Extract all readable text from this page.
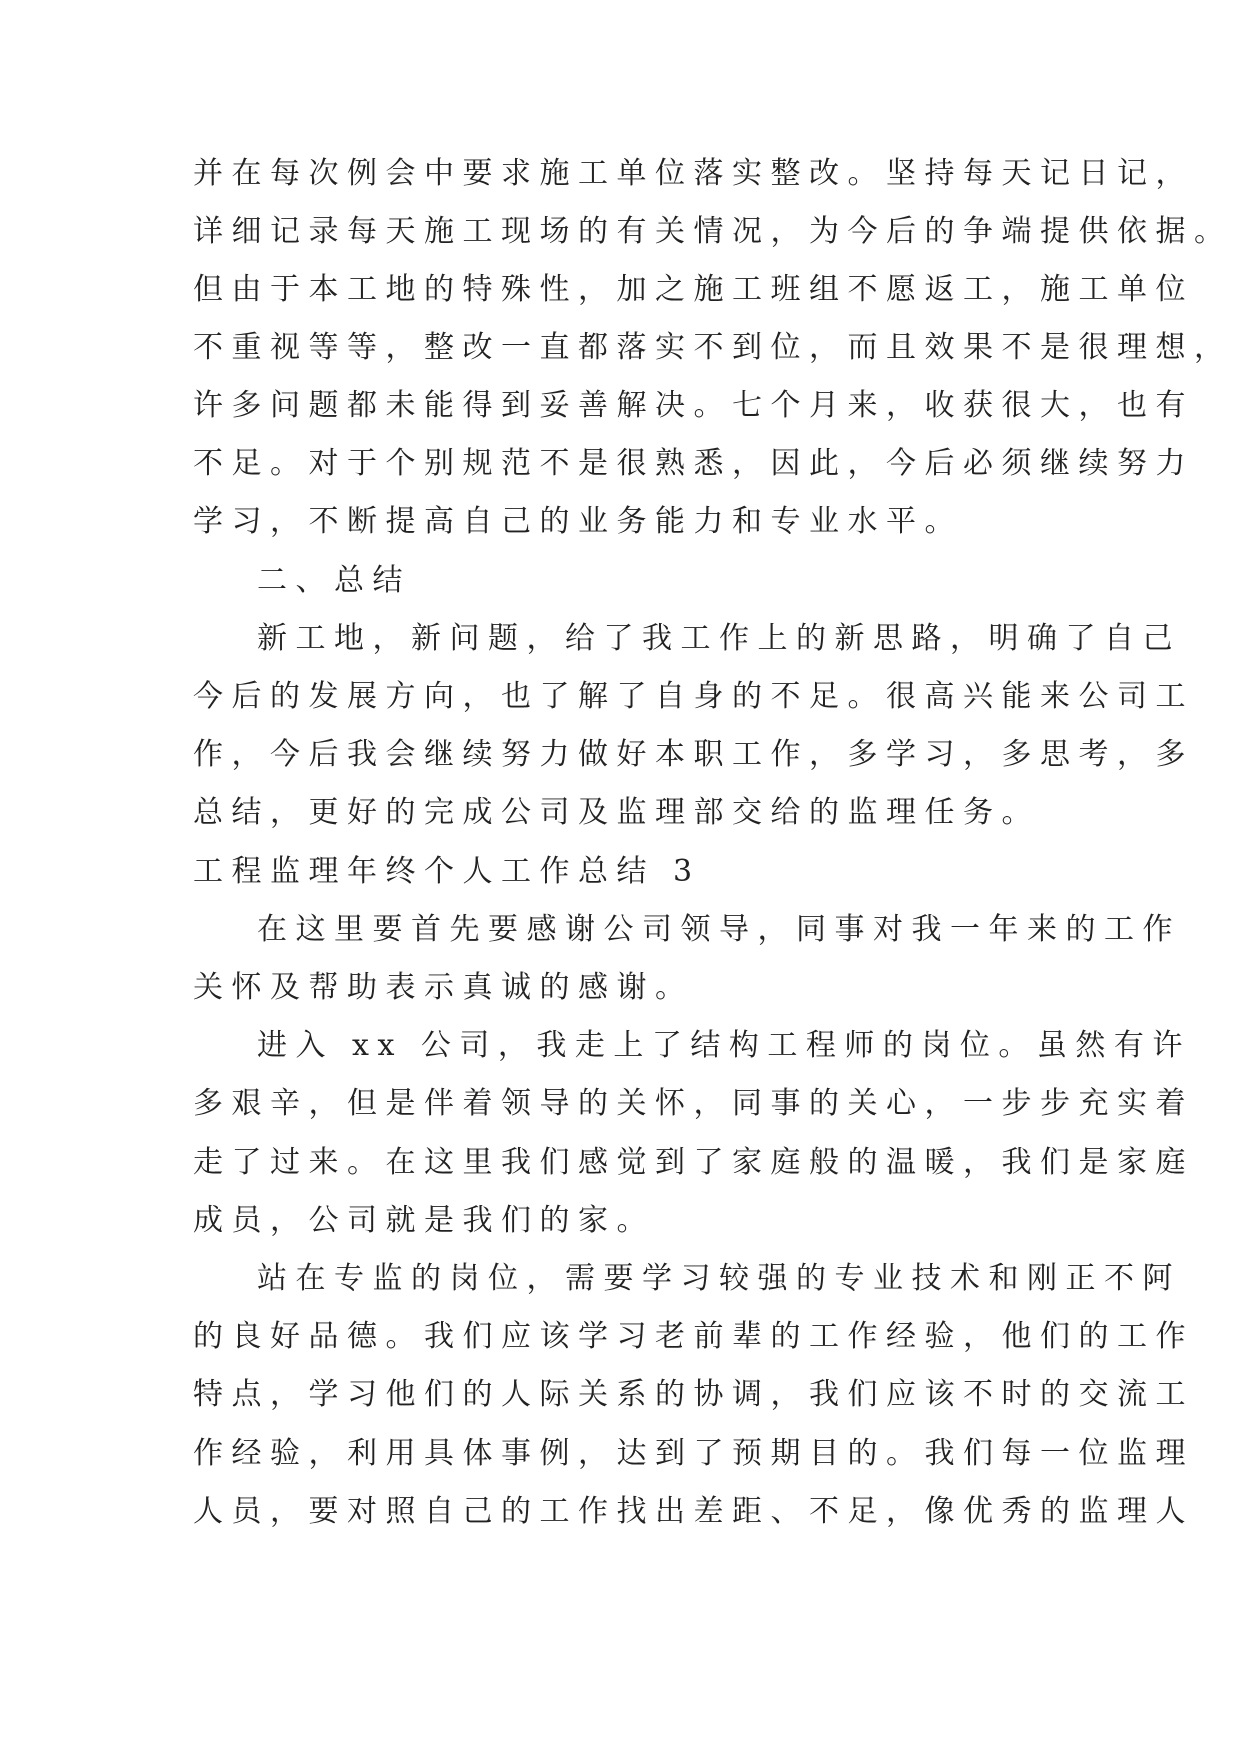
并在每次例会中要求施工单位落实整改。坚持每天记日记，
详细记录每天施工现场的有关情况，为今后的争端提供依据。
但由于本工地的特殊性，加之施工班组不愿返工，施工单位
不重视等等，整改一直都落实不到位，而且效果不是很理想，
许多问题都未能得到妥善解决。七个月来，收获很大，也有
不足。对于个别规范不是很熟悉，因此，今后必须继续努力
学习，不断提高自己的业务能力和专业水平。
二、总结
新工地，新问题，给了我工作上的新思路，明确了自己
今后的发展方向，也了解了自身的不足。很高兴能来公司工
作，今后我会继续努力做好本职工作，多学习，多思考，多
总结，更好的完成公司及监理部交给的监理任务。
工程监理年终个人工作总结 3
在这里要首先要感谢公司领导，同事对我一年来的工作
关怀及帮助表示真诚的感谢。
进入 xx 公司，我走上了结构工程师的岗位。虽然有许
多艰辛，但是伴着领导的关怀，同事的关心，一步步充实着
走了过来。在这里我们感觉到了家庭般的温暖，我们是家庭
成员，公司就是我们的家。
站在专监的岗位，需要学习较强的专业技术和刚正不阿
的良好品德。我们应该学习老前辈的工作经验，他们的工作
特点，学习他们的人际关系的协调，我们应该不时的交流工
作经验，利用具体事例，达到了预期目的。我们每一位监理
人员，要对照自己的工作找出差距、不足，像优秀的监理人
